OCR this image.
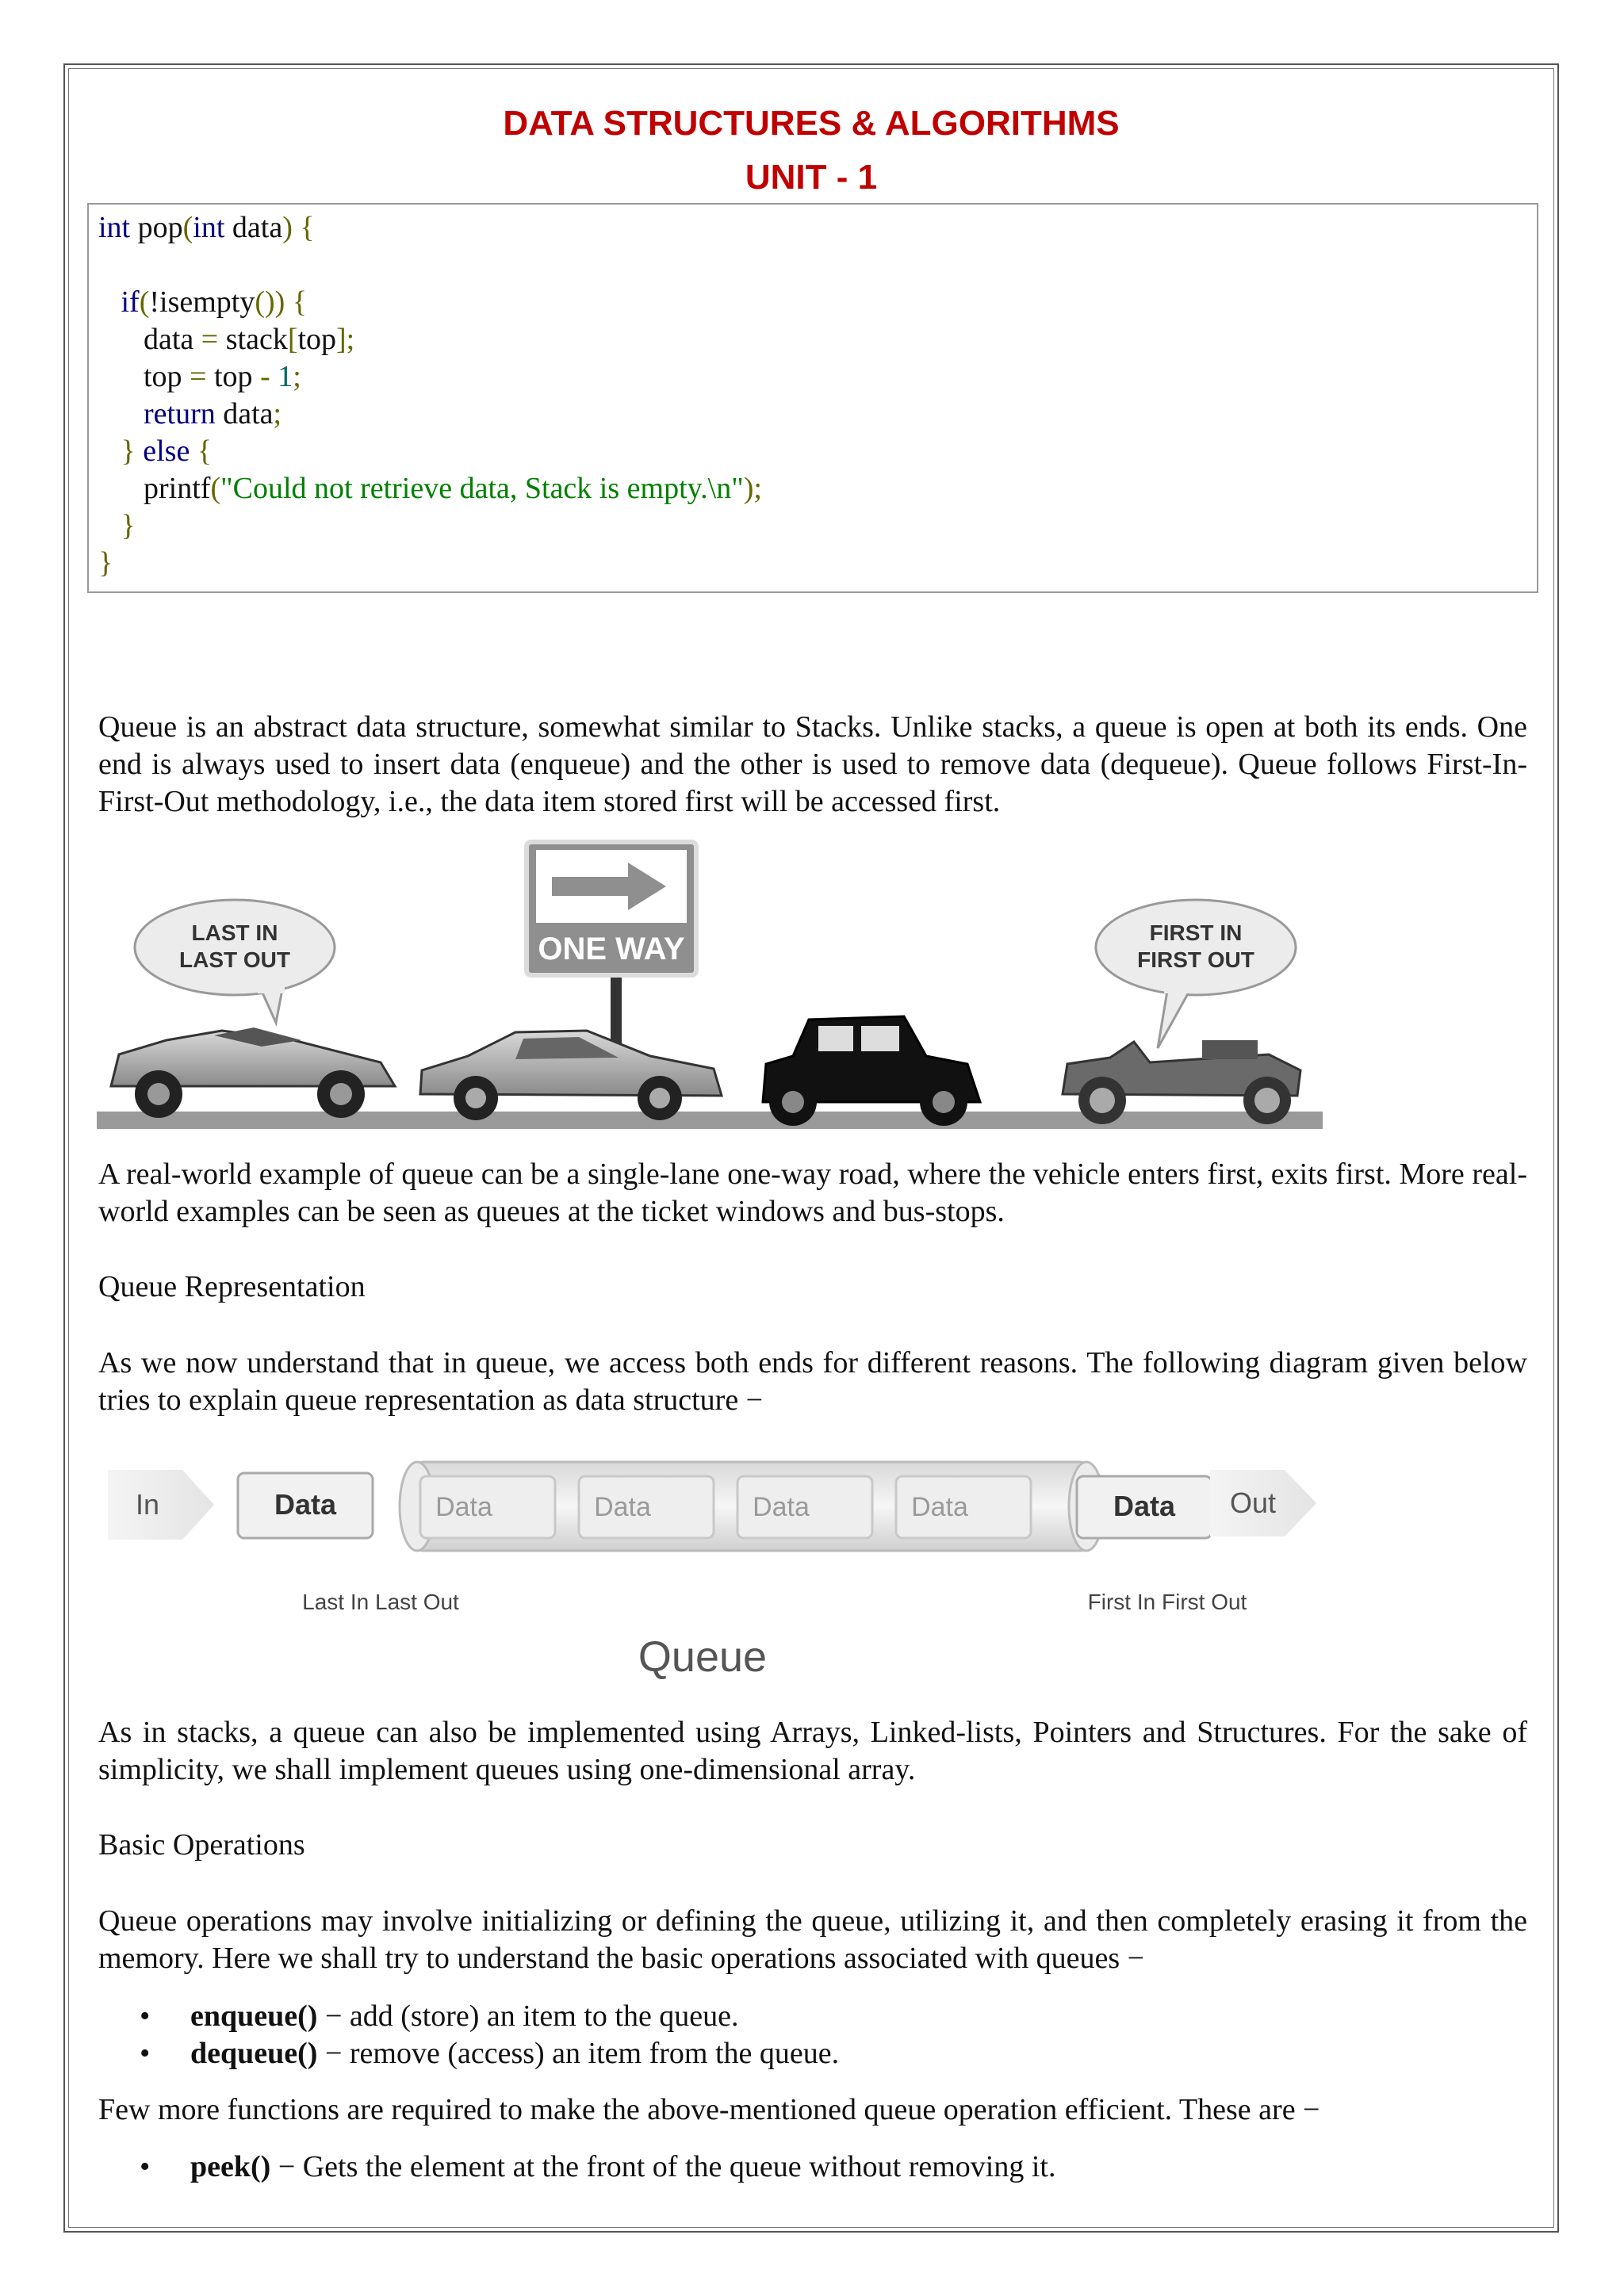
DATA STRUCTURES & ALGORITHMS
UNIT - 1
int pop(int data) {
if(!isempty()) {
data = stack[top];
top = top - 1;
return data;
} else {
printf("Could not retrieve data, Stack is empty.\n");
}
}
Queue is an abstract data structure, somewhat similar to Stacks. Unlike stacks, a queue is open at both its ends. One end is always used to insert data (enqueue) and the other is used to remove data (dequeue). Queue follows First-In-First-Out methodology, i.e., the data item stored first will be accessed first.
LAST IN
LAST OUT	ONE WAY	FIRST IN
FIRST OUT
A real-world example of queue can be a single-lane one-way road, where the vehicle enters first, exits first. More real-world examples can be seen as queues at the ticket windows and bus-stops.
Queue Representation
As we now understand that in queue, we access both ends for different reasons. The following diagram given below tries to explain queue representation as data structure −
In	Data	Data	Data	Data	Data	Data Out
Last In Last Out	First In First Out
Queue
As in stacks, a queue can also be implemented using Arrays, Linked-lists, Pointers and Structures. For the sake of simplicity, we shall implement queues using one-dimensional array.
Basic Operations
Queue operations may involve initializing or defining the queue, utilizing it, and then completely erasing it from the memory. Here we shall try to understand the basic operations associated with queues −
• enqueue() − add (store) an item to the queue.
• dequeue() − remove (access) an item from the queue.
Few more functions are required to make the above-mentioned queue operation efficient. These are −
• peek() − Gets the element at the front of the queue without removing it.
